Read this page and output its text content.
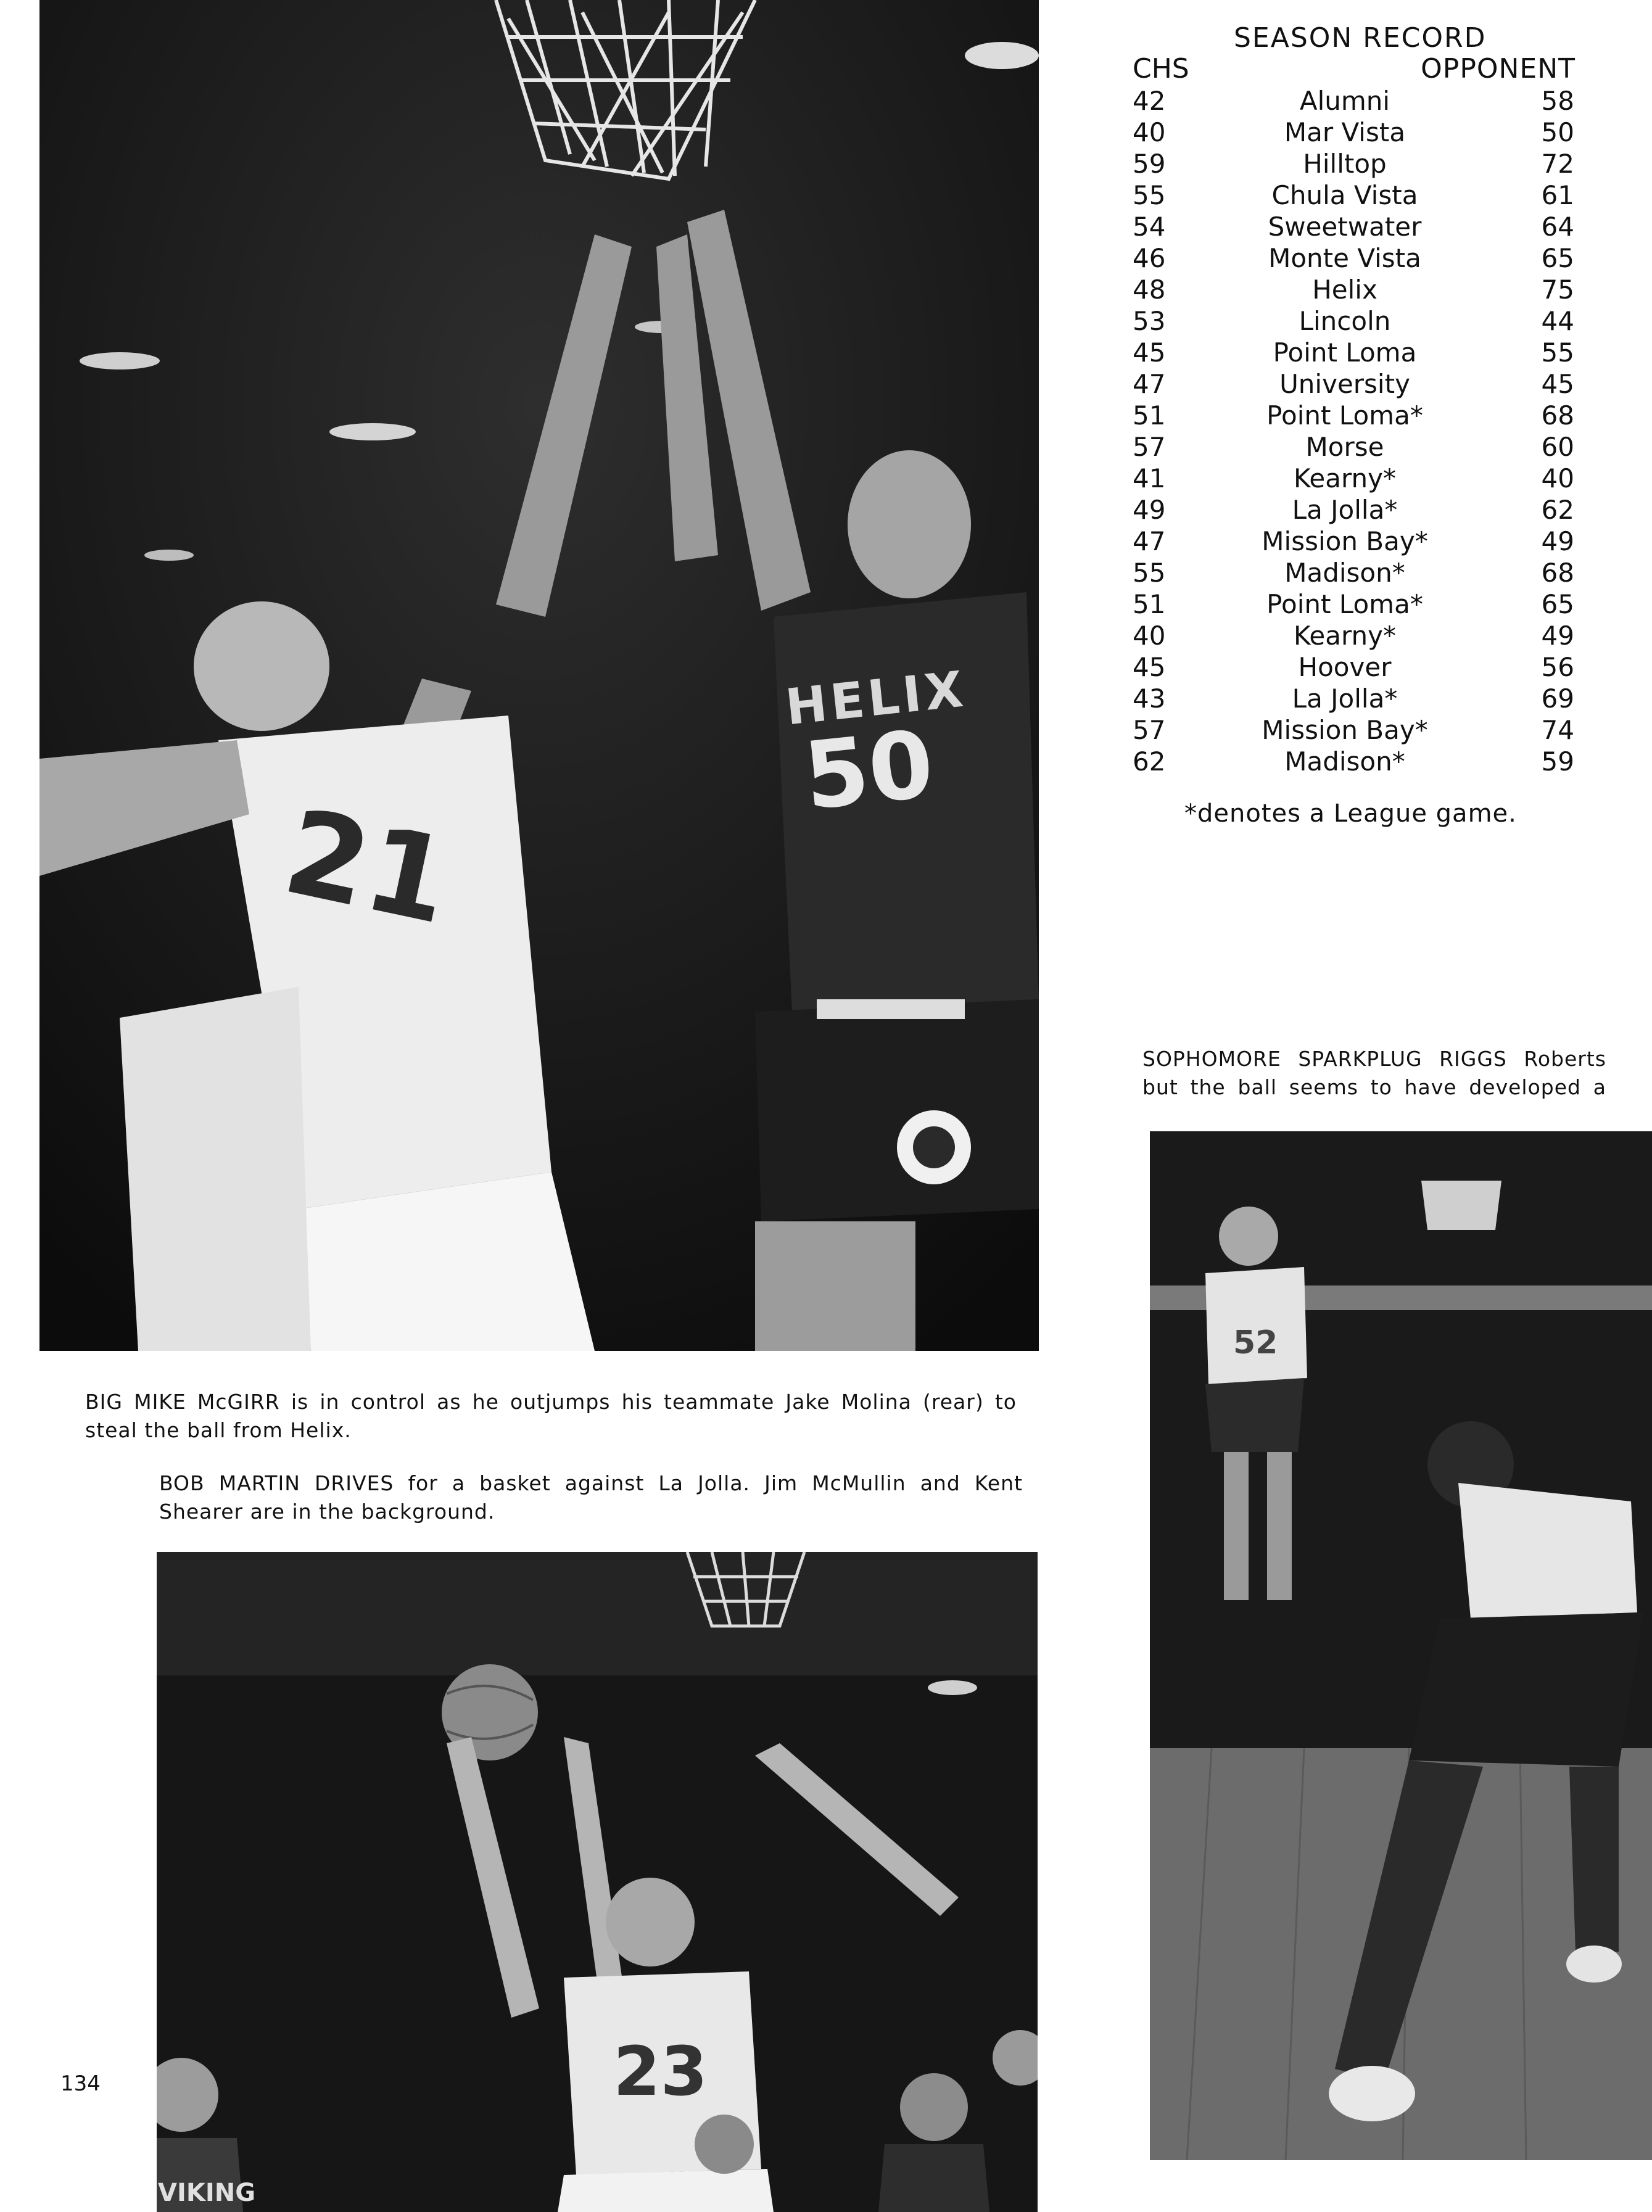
21
HELIX
50
SEASON RECORD
CHS	OPPONENT
42	Alumni	58
40	Mar Vista	50
59	Hilltop	72
55	Chula Vista	61
54	Sweetwater	64
46	Monte Vista	65
48	Helix	75
53	Lincoln	44
45	Point Loma	55
47	University	45
51	Point Loma*	68
57	Morse	60
41	Kearny*	40
49	La Jolla*	62
47	Mission Bay*	49
55	Madison*	68
51	Point Loma*	65
40	Kearny*	49
45	Hoover	56
43	La Jolla*	69
57	Mission Bay*	74
62	Madison*	59
*denotes a League game.
SOPHOMORE SPARKPLUG RIGGS Roberts
but the ball seems to have developed a
52
BIG MIKE McGIRR is in control as he outjumps his teammate Jake Molina (rear) to steal the ball from Helix.
BOB MARTIN DRIVES for a basket against La Jolla. Jim McMullin and Kent Shearer are in the background.
23
VIKING
134
